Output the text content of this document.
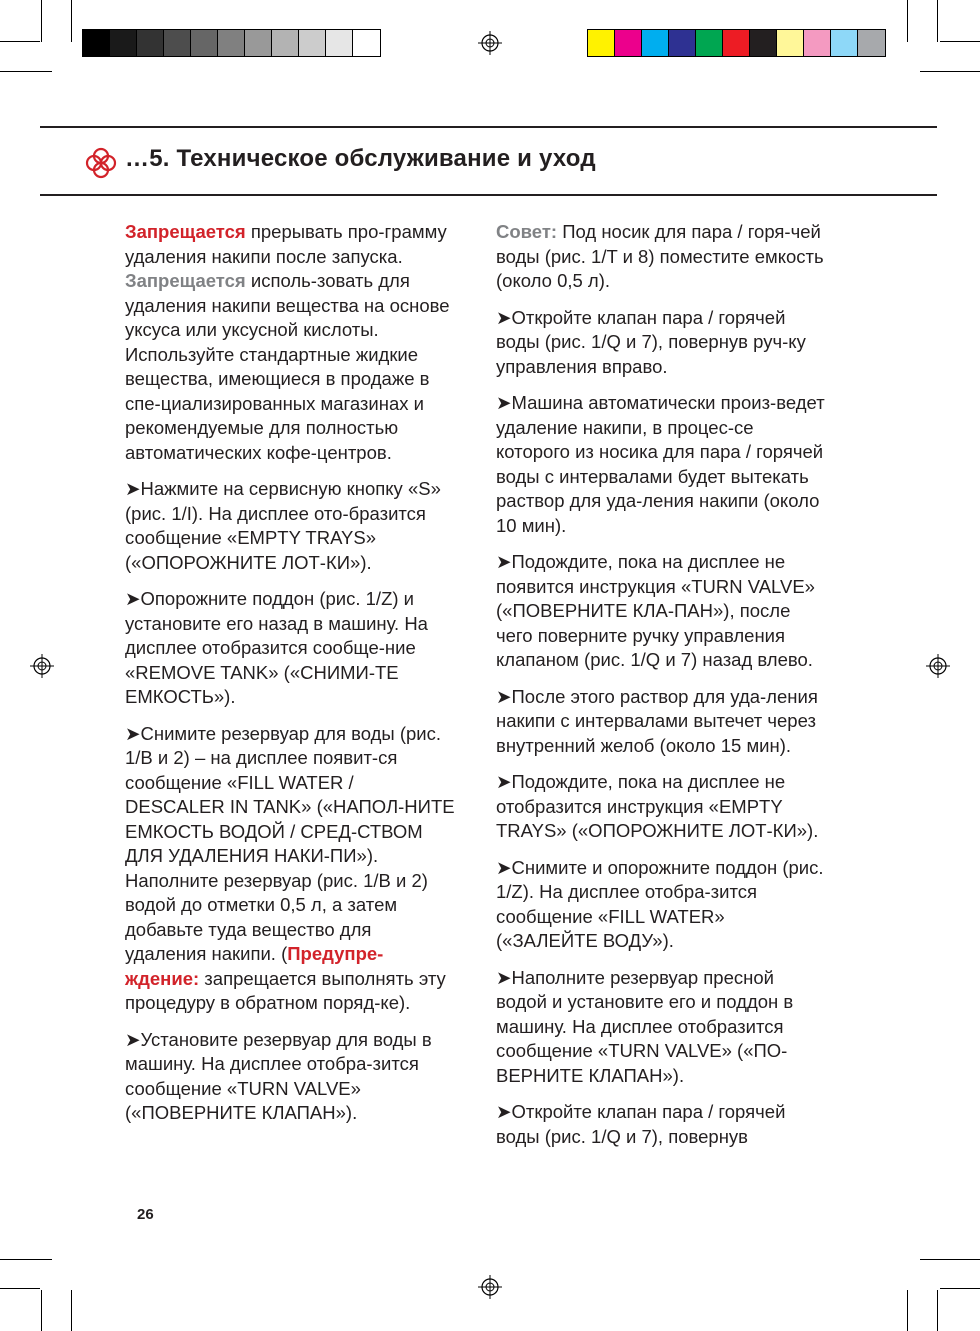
…5. Техническое обслуживание и уход

Запрещается прерывать про-грамму удаления накипи после запуска. Запрещается исполь-зовать для удаления накипи вещества на основе уксуса или уксусной кислоты. Используйте стандартные жидкие вещества, имеющиеся в продаже в спе-циализированных магазинах и рекомендуемые для полностью автоматических кофе-центров.

➤Нажмите на сервисную кнопку «S» (рис. 1/I). На дисплее ото-бразится сообщение «EMPTY TRAYS» («ОПОРОЖНИТЕ ЛОТ-КИ»).

➤Опорожните поддон (рис. 1/Z) и установите его назад в машину. На дисплее отобразится сообще-ние «REMOVE TANK» («СНИМИ-ТЕ ЕМКОСТЬ»).

➤Снимите резервуар для воды (рис. 1/B и 2) – на дисплее появит-ся сообщение «FILL WATER / DESCALER IN TANK» («НАПОЛ-НИТЕ ЕМКОСТЬ ВОДОЙ / СРЕД-СТВОМ ДЛЯ УДАЛЕНИЯ НАКИ-ПИ»). Наполните резервуар (рис. 1/B и 2) водой до отметки 0,5 л, а затем добавьте туда вещество для удаления накипи. (Предупре-ждение: запрещается выполнять эту процедуру в обратном поряд-ке).

➤Установите резервуар для воды в машину. На дисплее отобра-зится сообщение «TURN VALVE» («ПОВЕРНИТЕ КЛАПАН»).

Совет: Под носик для пара / горя-чей воды (рис. 1/T и 8) поместите емкость (около 0,5 л).

➤Откройте клапан пара / горячей воды (рис. 1/Q и 7), повернув руч-ку управления вправо.

➤Машина автоматически произ-ведет удаление накипи, в процес-се которого из носика для пара / горячей воды с интервалами будет вытекать раствор для уда-ления накипи (около 10 мин).

➤Подождите, пока на дисплее не появится инструкция «TURN VALVE» («ПОВЕРНИТЕ КЛА-ПАН»), после чего поверните ручку управления клапаном (рис. 1/Q и 7) назад влево.

➤После этого раствор для уда-ления накипи с интервалами вытечет через внутренний желоб (около 15 мин).

➤Подождите, пока на дисплее не отобразится инструкция «EMPTY TRAYS» («ОПОРОЖНИТЕ ЛОТ-КИ»).

➤Снимите и опорожните поддон (рис. 1/Z). На дисплее отобра-зится сообщение «FILL WATER» («ЗАЛЕЙТЕ ВОДУ»).

➤Наполните резервуар пресной водой и установите его и поддон в машину. На дисплее отобразится сообщение «TURN VALVE» («ПО-ВЕРНИТЕ КЛАПАН»).

➤Откройте клапан пара / горячей воды (рис. 1/Q и 7), повернув

26
